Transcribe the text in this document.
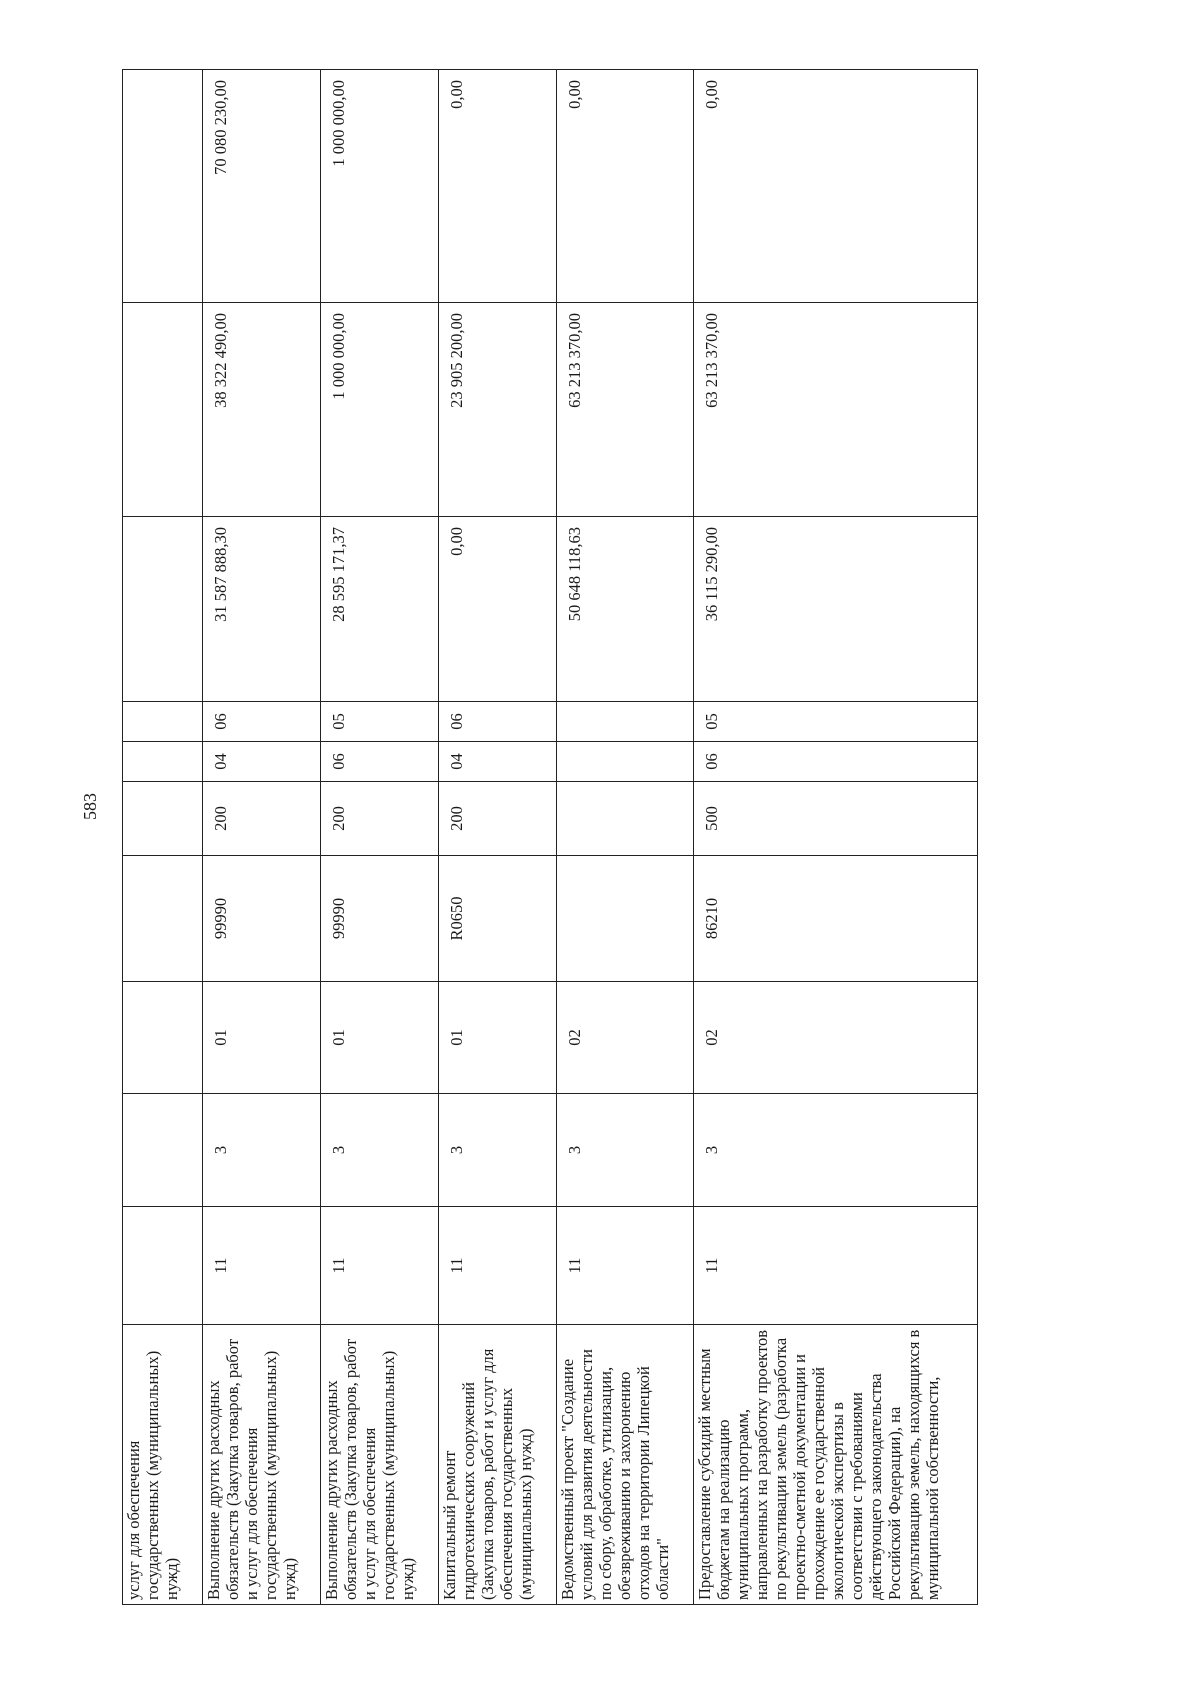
583
услуг для обеспечения государственных (муниципальных) нужд)										
Выполнение других расходных обязательств (Закупка товаров, работ и услуг для обеспечения государственных (муниципальных) нужд)	11	3	01	99990	200	04	06	31 587 888,30	38 322 490,00	70 080 230,00
Выполнение других расходных обязательств (Закупка товаров, работ и услуг для обеспечения государственных (муниципальных) нужд)	11	3	01	99990	200	06	05	28 595 171,37	1 000 000,00	1 000 000,00
Капитальный ремонт гидротехнических сооружений (Закупка товаров, работ и услуг для обеспечения государственных (муниципальных) нужд)	11	3	01	R0650	200	04	06	0,00	23 905 200,00	0,00
Ведомственный проект "Создание условий для развития деятельности по сбору, обработке, утилизации, обезвреживанию и захоронению отходов на территории Липецкой области"	11	3	02					50 648 118,63	63 213 370,00	0,00
Предоставление субсидий местным бюджетам на реализацию муниципальных программ, направленных на разработку проектов по рекультивации земель (разработка проектно-сметной документации и прохождение ее государственной экологической экспертизы в соответствии с требованиями действующего законодательства Российской Федерации), на рекультивацию земель, находящихся в муниципальной собственности,	11	3	02	86210	500	06	05	36 115 290,00	63 213 370,00	0,00
